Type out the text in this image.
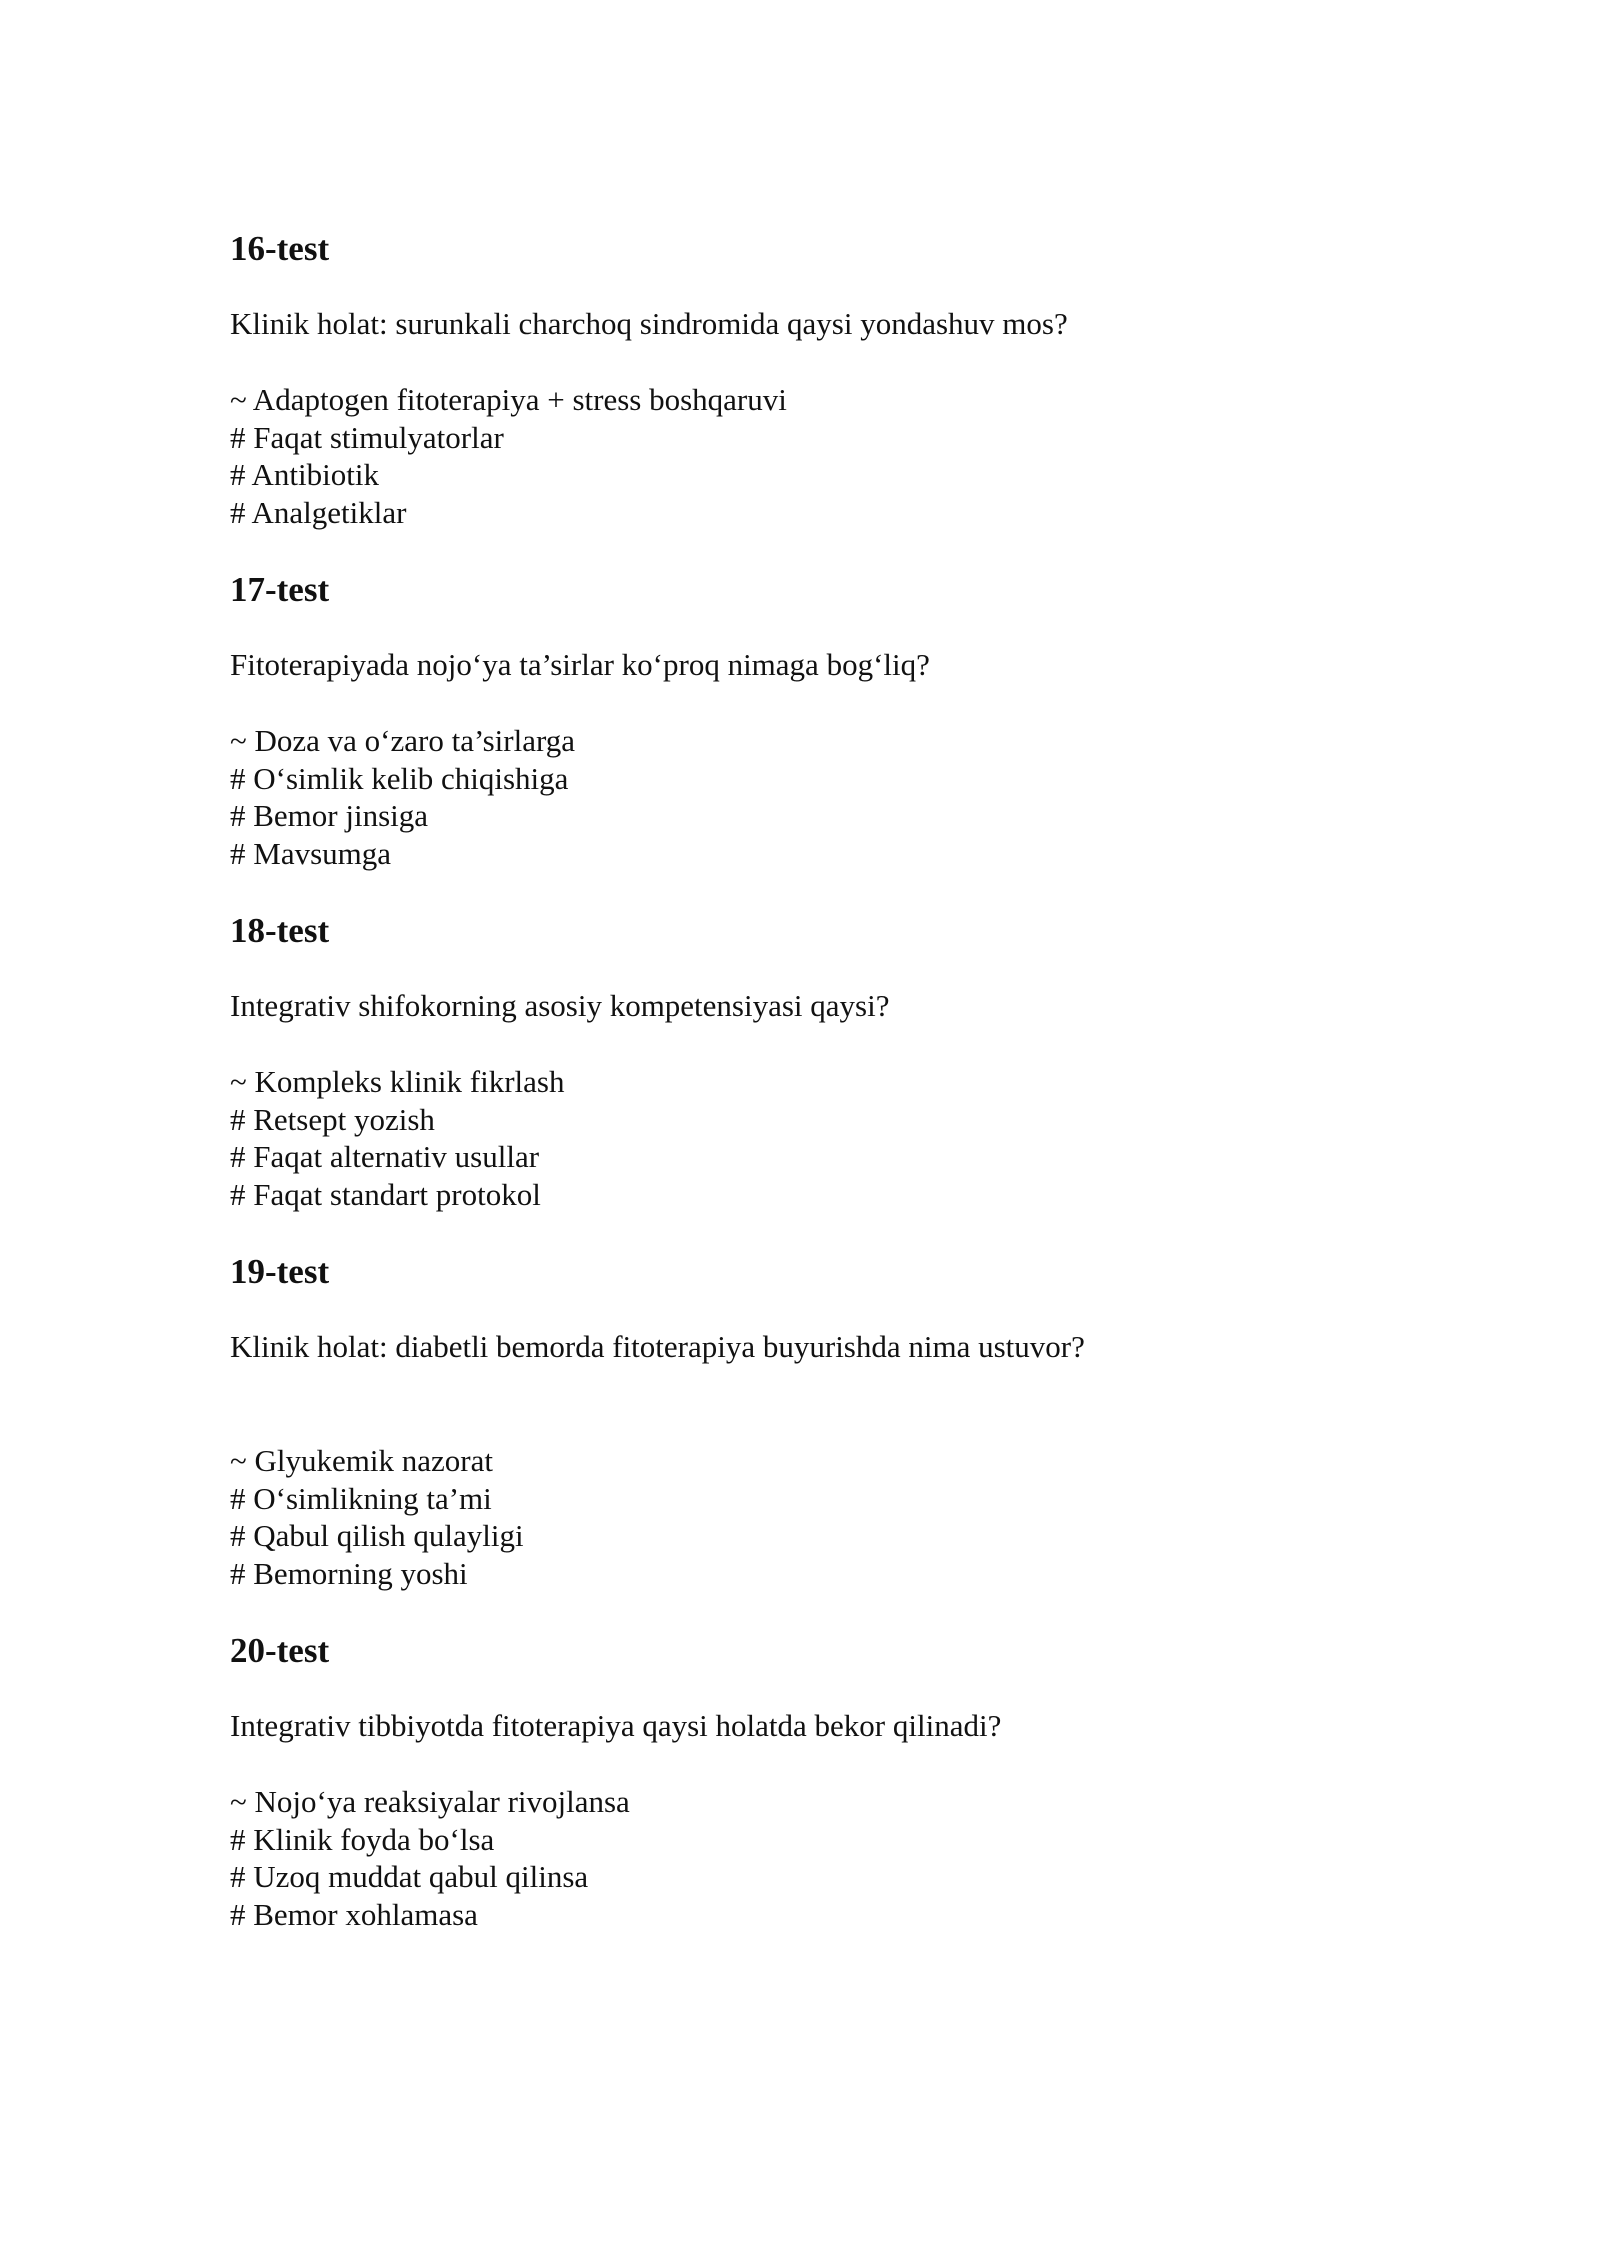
16-test

Klinik holat: surunkali charchoq sindromida qaysi yondashuv mos?

~ Adaptogen fitoterapiya + stress boshqaruvi
# Faqat stimulyatorlar
# Antibiotik
# Analgetiklar
17-test

Fitoterapiyada nojo‘ya ta’sirlar ko‘proq nimaga bog‘liq?

~ Doza va o‘zaro ta’sirlarga
# O‘simlik kelib chiqishiga
# Bemor jinsiga
# Mavsumga
18-test

Integrativ shifokorning asosiy kompetensiyasi qaysi?

~ Kompleks klinik fikrlash
# Retsept yozish
# Faqat alternativ usullar
# Faqat standart protokol
19-test

Klinik holat: diabetli bemorda fitoterapiya buyurishda nima ustuvor?

~ Glyukemik nazorat
# O‘simlikning ta’mi
# Qabul qilish qulayligi
# Bemorning yoshi
20-test

Integrativ tibbiyotda fitoterapiya qaysi holatda bekor qilinadi?

~ Nojo‘ya reaksiyalar rivojlansa
# Klinik foyda bo‘lsa
# Uzoq muddat qabul qilinsa
# Bemor xohlamasa
